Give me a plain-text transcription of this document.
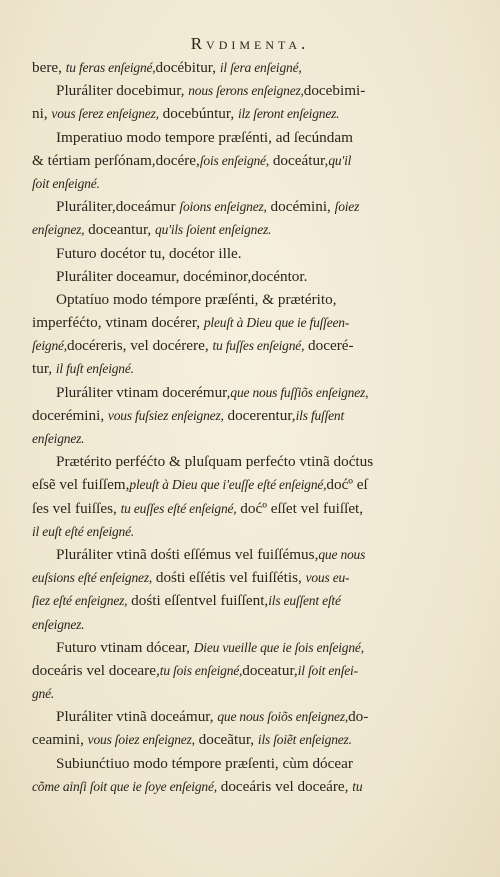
Rvdimenta.
bere, tu feras enſeigné,docébitur, il ſera enſeigné,
Pluráliter docebimur, nous ſerons enſeignez,docebimi-
ni, vous ſerez enſeignez, docebúntur, ilz ſeront enſeignez.
Imperatiuo modo tempore præſénti, ad ſecúndam
& tértiam perſónam,docére,ſois enſeigné, doceátur,qu'il
ſoit enſeigné.
Pluráliter,doceámur ſoions enſeignez, docémini, ſoiez
enſeignez, doceantur, qu'ils ſoient enſeignez.
Futuro docétor tu, docétor ille.
Pluráliter doceamur, docéminor,docéntor.
Optatíuo modo témpore præſénti, & prætérito,
imperféćto, vtinam docérer, pleuſt à Dieu que ie fuſſeen-
ſeigné,docéreris, vel docérere, tu fuſſes enſeigné, doceré-
tur, il fuſt enſeigné.
Pluráliter vtinam docerémur,que nous fuſſiõs enſeignez,
docerémini, vous fuſsiez enſeignez, docerentur,ils fuſſent
enſeignez.
Prætérito perféćto & pluſquam perfećto vtinã doćtus
eſsẽ vel fuiſſem,pleuſt à Dieu que i'euſſe eſté enſeigné,doćº eſ
ſes vel fuiſſes, tu euſſes eſté enſeigné, doćº eſſet vel fuiſſet,
il euſt eſté enſeigné.
Pluráliter vtinã dośti eſſémus vel fuiſſémus,que nous
euſsions eſté enſeignez, dośti eſſétis vel fuiſſétis, vous eu-
ſiez eſté enſeignez, dośti eſſentvel fuiſſent,ils euſſent eſté
enſeignez.
Futuro vtinam dócear, Dieu vueille que ie ſois enſeigné,
doceáris vel doceare,tu ſois enſeigné,doceatur,il ſoit enſei-
gné.
Pluráliter vtinã doceámur, que nous ſoiõs enſeignez,do-
ceamini, vous ſoiez enſeignez, doceãtur, ils ſoiẽt enſeignez.
Subiunćtiuo modo témpore præſenti, cùm dócear
cõme ainſi ſoit que ie ſoye enſeigné, doceáris vel doceáre, tu
